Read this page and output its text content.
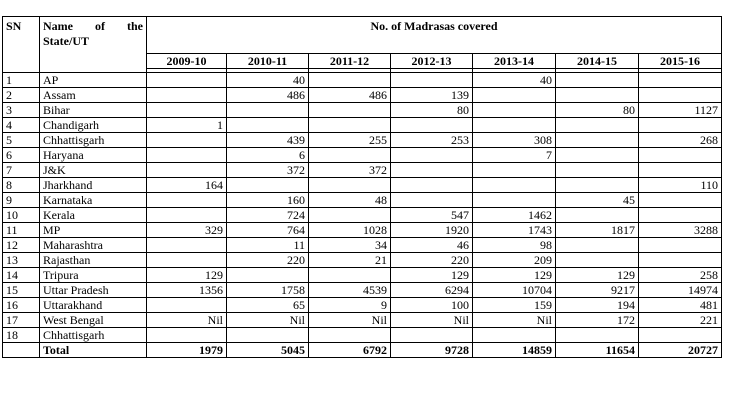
SN	Name of the
State/UT	No. of Madrasas covered						
		2009-10	2010-11	2011-12	2012-13	2013-14	2014-15	2015-16

1	AP		40			40		
2	Assam		486	486	139			
3	Bihar				80		80	1127
4	Chandigarh	1						
5	Chhattisgarh		439	255	253	308		268
6	Haryana		6			7		
7	J&K		372	372				
8	Jharkhand	164						110
9	Karnataka		160	48			45	
10	Kerala		724		547	1462		
11	MP	329	764	1028	1920	1743	1817	3288
12	Maharashtra		11	34	46	98		
13	Rajasthan		220	21	220	209		
14	Tripura	129			129	129	129	258
15	Uttar Pradesh	1356	1758	4539	6294	10704	9217	14974
16	Uttarakhand		65	9	100	159	194	481
17	West Bengal	Nil	Nil	Nil	Nil	Nil	172	221
18	Chhattisgarh							
	Total	1979	5045	6792	9728	14859	11654	20727
